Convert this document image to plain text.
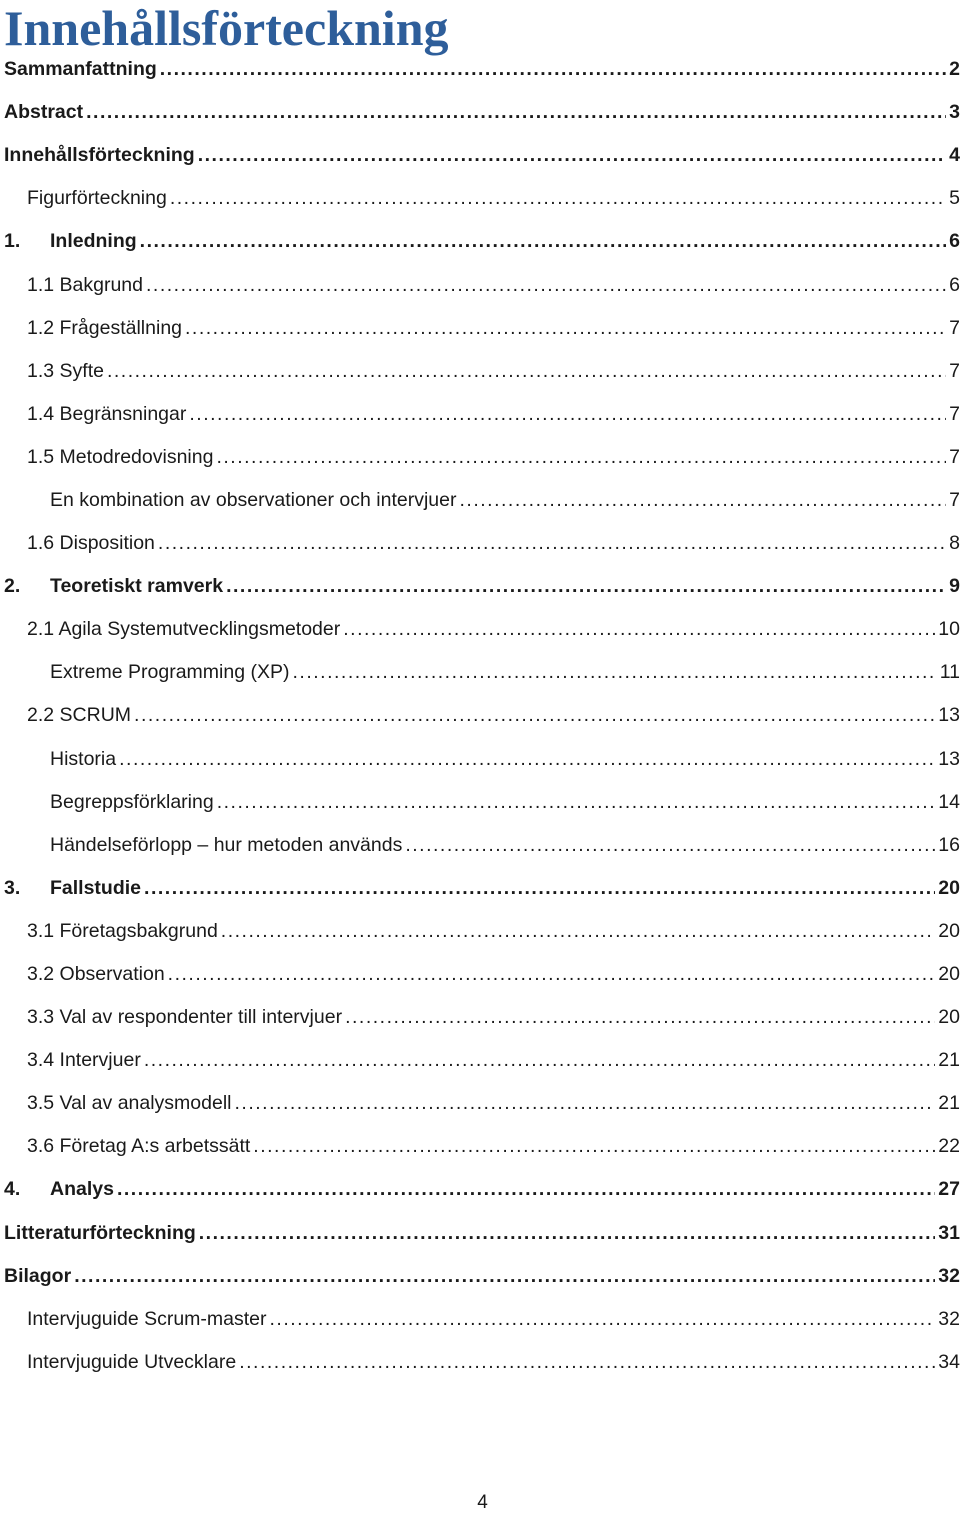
Innehållsförteckning
Sammanfattning .....	2
Abstract .....	3
Innehållsförteckning .....	4
Figurförteckning .....	5
1. Inledning .....	6
1.1 Bakgrund .....	6
1.2 Frågeställning .....	7
1.3 Syfte .....	7
1.4 Begränsningar .....	7
1.5 Metodredovisning .....	7
En kombination av observationer och intervjuer .....	7
1.6 Disposition .....	8
2. Teoretiskt ramverk .....	9
2.1 Agila Systemutvecklingsmetoder .....	10
Extreme Programming (XP) .....	11
2.2 SCRUM .....	13
Historia .....	13
Begreppsförklaring .....	14
Händelseförlopp – hur metoden används .....	16
3. Fallstudie .....	20
3.1 Företagsbakgrund .....	20
3.2 Observation .....	20
3.3 Val av respondenter till intervjuer .....	20
3.4 Intervjuer .....	21
3.5 Val av analysmodell .....	21
3.6 Företag A:s arbetssätt .....	22
4. Analys .....	27
Litteraturförteckning .....	31
Bilagor .....	32
Intervjuguide Scrum-master .....	32
Intervjuguide Utvecklare .....	34
4
